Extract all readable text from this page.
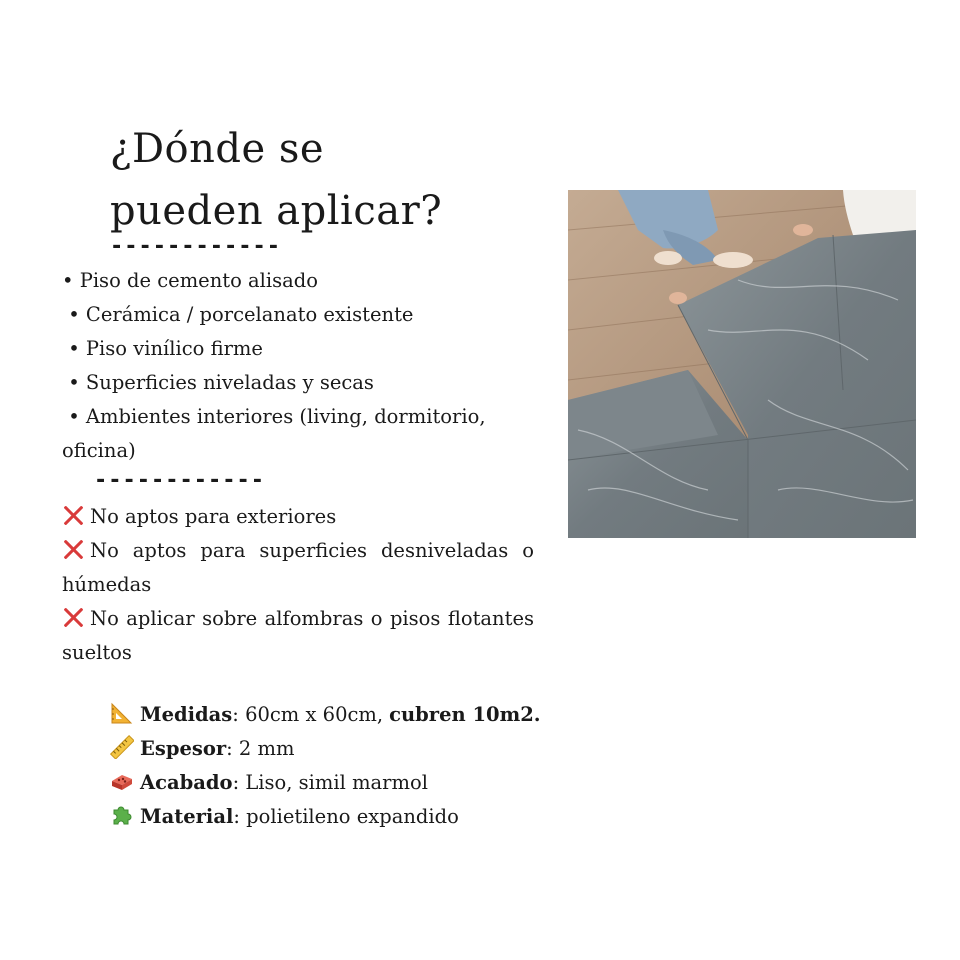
¿Dónde se
pueden aplicar?
------------
• Piso de cemento alisado
• Cerámica / porcelanato existente
• Piso vinílico firme
• Superficies niveladas y secas
• Ambientes interiores (living, dormitorio, oficina)
------------
No aptos para exteriores
No aptos para superficies desniveladas o húmedas
No aplicar sobre alfombras o pisos flotantes sueltos
Medidas: 60cm x 60cm, cubren 10m2.
Espesor: 2 mm
Acabado: Liso, simil marmol
Material: polietileno expandido
